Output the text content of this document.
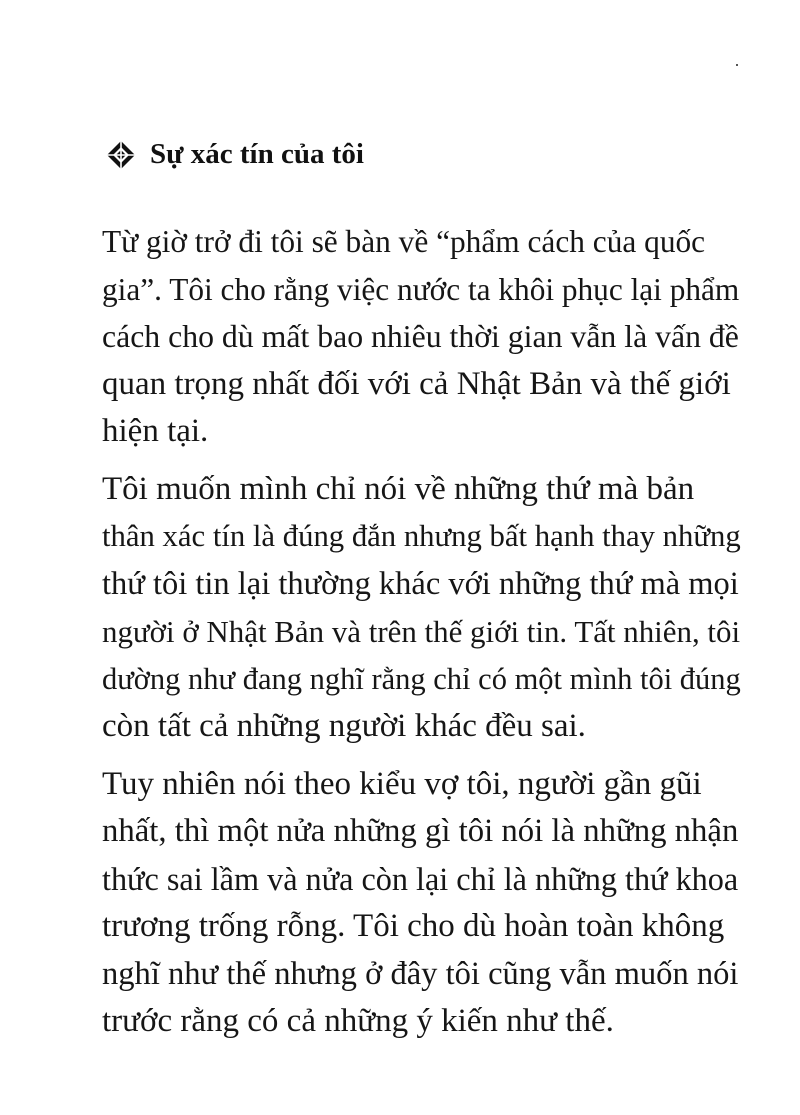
Sự xác tín của tôi

Từ giờ trở đi tôi sẽ bàn về “phẩm cách của quốc
gia”. Tôi cho rằng việc nước ta khôi phục lại phẩm
cách cho dù mất bao nhiêu thời gian vẫn là vấn đề
quan trọng nhất đối với cả Nhật Bản và thế giới
hiện tại.

Tôi muốn mình chỉ nói về những thứ mà bản
thân xác tín là đúng đắn nhưng bất hạnh thay những
thứ tôi tin lại thường khác với những thứ mà mọi
người ở Nhật Bản và trên thế giới tin. Tất nhiên, tôi
dường như đang nghĩ rằng chỉ có một mình tôi đúng
còn tất cả những người khác đều sai.

Tuy nhiên nói theo kiểu vợ tôi, người gần gũi
nhất, thì một nửa những gì tôi nói là những nhận
thức sai lầm và nửa còn lại chỉ là những thứ khoa
trương trống rỗng. Tôi cho dù hoàn toàn không
nghĩ như thế nhưng ở đây tôi cũng vẫn muốn nói
trước rằng có cả những ý kiến như thế.
